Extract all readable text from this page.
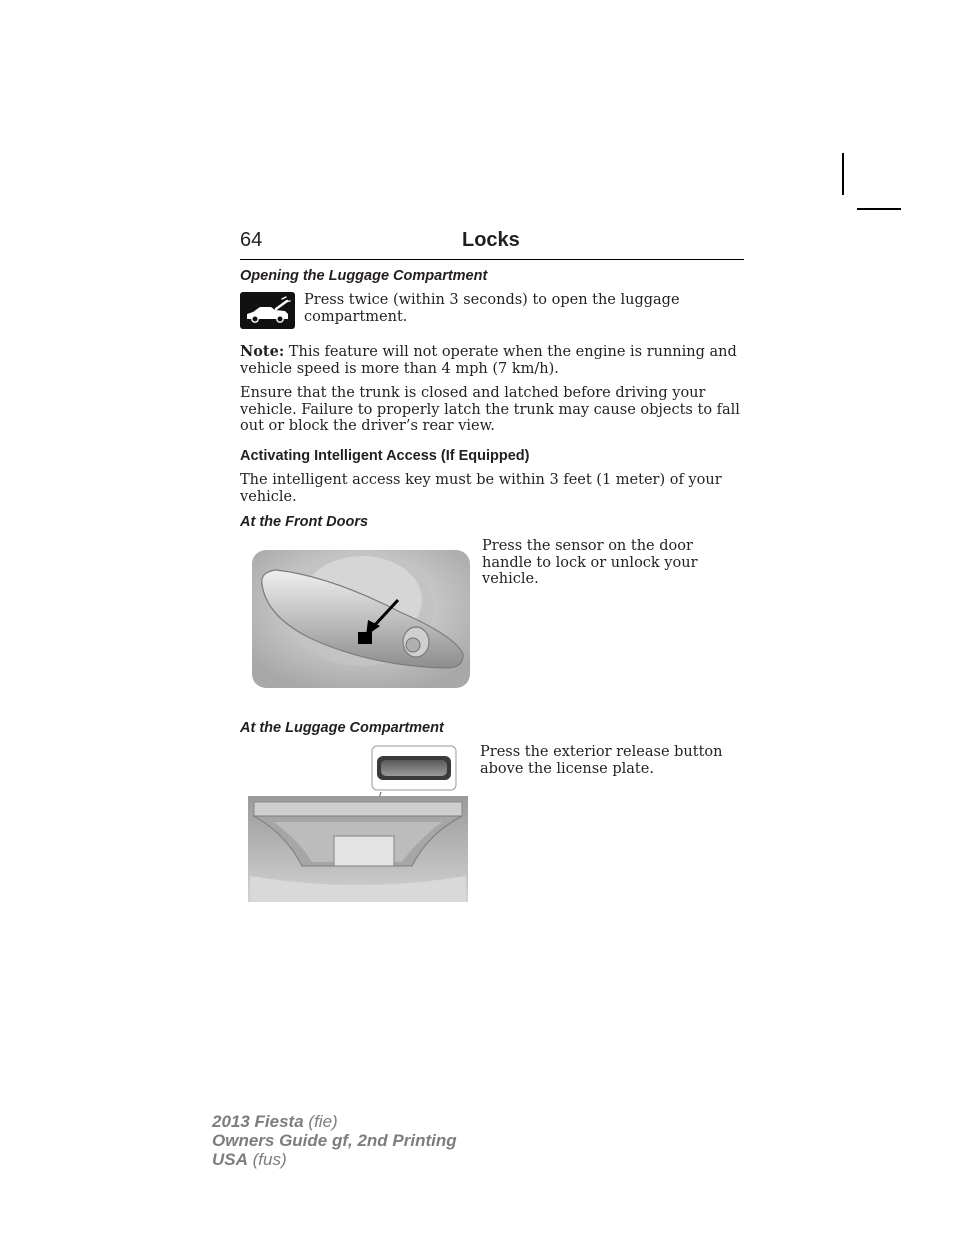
64	Locks
Opening the Luggage Compartment

Press twice (within 3 seconds) to open the luggage compartment.

Note: This feature will not operate when the engine is running and vehicle speed is more than 4 mph (7 km/h).

Ensure that the trunk is closed and latched before driving your vehicle. Failure to properly latch the trunk may cause objects to fall out or block the driver’s rear view.

Activating Intelligent Access (If Equipped)

The intelligent access key must be within 3 feet (1 meter) of your vehicle.

At the Front Doors

Press the sensor on the door handle to lock or unlock your vehicle.

At the Luggage Compartment

Press the exterior release button above the license plate.

2013 Fiesta (fie)
Owners Guide gf, 2nd Printing
USA (fus)
